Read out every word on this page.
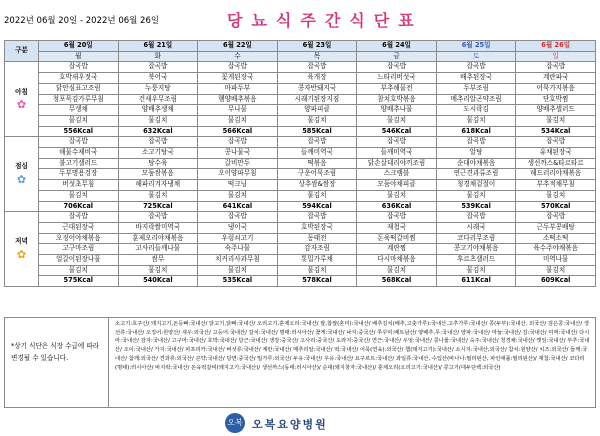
2022년 06월 20일 - 2022년 06월 26일	당뇨식주간식단표
구분	6월 20일	6월 21일	6월 22일	6월 23일	6월 24일	6월 25일	6월 26일
	월	화	수	목	금	토	일
아침
✿	잡곡밥	잡곡밥	잡곡밥	잡곡밥	잡곡밥	잡곡밥	잡곡밥
	호박새우젓국	북어국	꽃게된장국	육개장	느타리버섯국	배추된장국	계란파국
	닭안심표고조림	누룽지탕	마파두부	콩자반돼지국	부추해물전	두부조림	어묵가지볶음
	청포묵김가루무침	건새우무조림	햄양배추볶음	시래기된장지짐	참치호박볶음	메추리알곤약조림	단호박찜
	무생채	양배추생채	무나물	양파피클	양배추나물	도시락김	양배추샐러드
	물김치	물김치	물김치	물김치	물김치	물김치	물김치
	556Kcal	632Kcal	566Kcal	585Kcal	546Kcal	618Kcal	534Kcal
점심
✿	잡곡밥	잡곡밥	잡곡밥	잡곡밥	잡곡밥	잡곡밥	잡곡밥
	해물수제비국	소고기탕국	콩나물국	들깨미역국	들깨미역국	알탕	유채된장국
	불고기샐러드	탕수육	갈비만두	떡볶음	닭손살데리야끼조림	순대야채볶음	생선까스&타르타르
	두부명용겅장	모둠쌈볶음	오이양파무침	구운어묵조림	스크램블	연근견과류조림	해드러리야채볶음
	버섯초무침	해파리겨자냉채	떡크닝	상추쌈&쌈장	모둠야채피클	청경채겉절이	부추적채무침
	물김치	물김치	물김치	물김치	물김치	물김치	물김치
	706Kcal	725Kcal	641Kcal	594Kcal	636Kcal	539Kcal	570Kcal
저녁
✿	잡곡밥	잡곡밥	잡곡밥	잡곡밥	잡곡밥	잡곡밥	잡곡밥
	근대된장국	바지락쌀미역국	냉이국	호박된장국	재첩국	시래국	근두부콩배탕
	오징어야채볶음	훈제오리야채볶음	우렁쇠고기	동태전	돈육떡갈비찜	코다리무조림	소떡소떡
	고구마조림	고사리들깨나물	숙주나물	감자조림	계란찜	콩고기야채볶음	육수주야채볶음
	얼갈이된장나물	쌈무	치커리사과무침	톳밀가루채	다시마채볶음	후르츠샐러드	미역나물
	물김치	물김치	물김치	물김치	물김치	물김치	물김치
	575Kcal	540Kcal	535Kcal	578Kcal	568Kcal	611Kcal	609Kcal
*상기 식단은 식장 수급에 따라 변경될 수 있습니다.
소고기:호주산/ 돼지고기,돈등뼈:국내산/ 닭고기,닭뼈:국내산/ 오리고기,훈제오리:국내산/ 쌀,찹쌀(혼미):국내산/ 배추김치(배추,고춧가루):국내산,고추가루:국내산/ 콩(두부):국내산, 외국산/ 검은콩:국내산/ 생선류:국내산/ 오징어:원양산/ 새우:외국산/ 고등어:국내산/ 갈치:국내산/ 명태:러시아산/ 꽃게:국내산/ 낙지:중국산/ 쭈꾸미:베트남산/ 양배추,무:국내산/ 양파:국내산/ 마늘:국내산/ 김:국내산/ 미역:국내산/ 다시마:국내산/ 감자:국내산/ 고구마:국내산/ 호박:국내산/ 당근:국내산/ 생강:중국산/ 고사리:중국산/ 도라지:중국산/ 연근:국내산/ 우엉:국내산/ 콩나물:국내산/ 숙주:국내산/ 청경채:국내산/ 깻잎:국내산/ 부추:국내산/ 오이:국내산/ 가지:국내산/ 파프리카:국내산/ 버섯류:국내산/ 계란:국내산/ 메추리알:국내산/ 떡:국내산/ 어묵(연육):외국산/ 햄(돼지고기):국내산/ 소시지:국내산,외국산/ 참치:원양산/ 치즈:외국산/ 들깨:국내산/ 참깨:외국산/ 견과류:외국산/ 곤약:국내산/ 당면:중국산/ 밀가루:외국산/ 두유:국내산/ 우유:국내산/ 요구르트:국내산/ 과일류:국내산, 수입산(바나나:필리핀산, 파인애플:필리핀산)/ 재첩:국내산/ 코다리(명태):러시아산/ 바지락:국내산/ 돈육떡갈비(돼지고기:국내산)/ 생선까스(동태:러시아산)/ 순대(돼지창자:국내산)/ 훈제오리(오리고기:국내산)/ 콩고기(대두단백:외국산)
오복 오복요양병원
